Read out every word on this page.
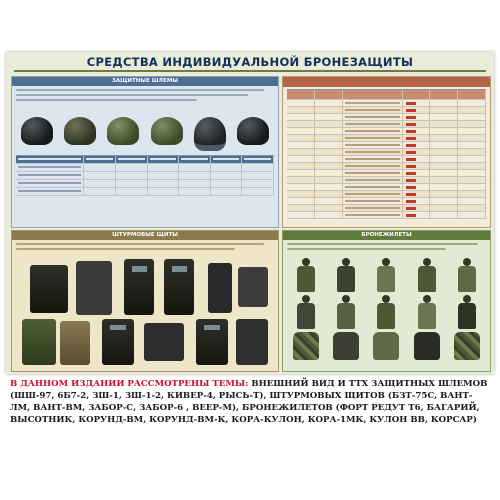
СРЕДСТВА ИНДИВИДУАЛЬНОЙ БРОНЕЗАЩИТЫ
ЗАЩИТНЫЕ ШЛЕМЫ
ШТУРМОВЫЕ ЩИТЫ	БРОНЕЖИЛЕТЫ
В ДАННОМ ИЗДАНИИ РАССМОТРЕНЫ ТЕМЫ: ВНЕШНИЙ ВИД И ТТХ ЗАЩИТНЫХ ШЛЕМОВ (ШШ-97, 6Б7-2, ЗШ-1, ЗШ-1-2, КИВЕР-4, РЫСЬ-Т), ШТУРМОВЫХ ЩИТОВ (БЗТ-75С, ВАНТ-ЛМ, ВАНТ-ВМ, ЗАБОР-С, ЗАБОР-6 , ВЕЕР-М), БРОНЕЖИЛЕТОВ (ФОРТ РЕДУТ Т6, БАГАРИЙ, ВЫСОТНИК, КОРУНД-ВМ, КОРУНД-ВМ-К, КОРА-КУЛОН, КОРА-1МК, КУЛОН ВВ, КОРСАР)
